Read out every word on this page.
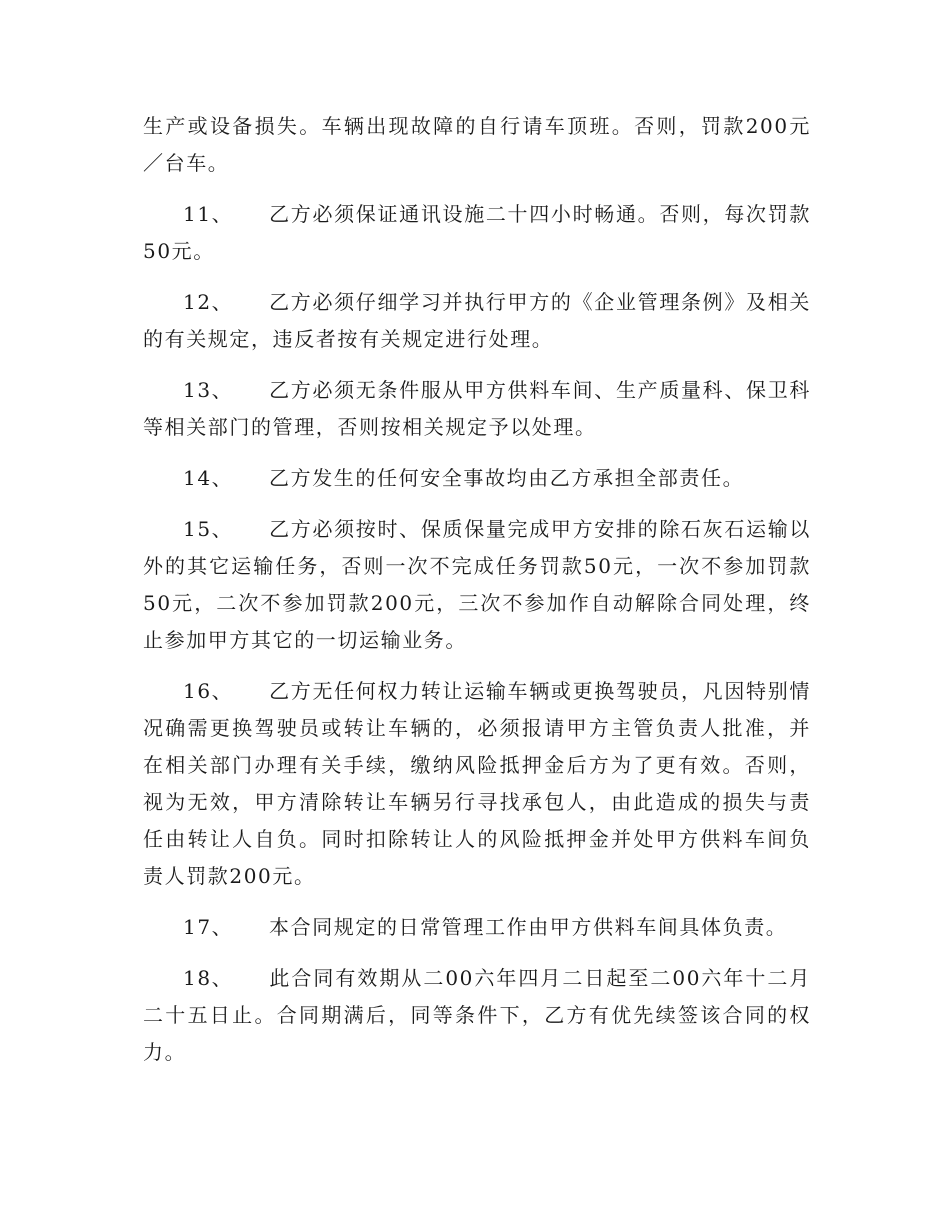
生产或设备损失。车辆出现故障的自行请车顶班。否则，罚款200元／台车。

11、 乙方必须保证通讯设施二十四小时畅通。否则，每次罚款50元。

12、 乙方必须仔细学习并执行甲方的《企业管理条例》及相关的有关规定，违反者按有关规定进行处理。

13、 乙方必须无条件服从甲方供料车间、生产质量科、保卫科等相关部门的管理，否则按相关规定予以处理。

14、 乙方发生的任何安全事故均由乙方承担全部责任。

15、 乙方必须按时、保质保量完成甲方安排的除石灰石运输以外的其它运输任务，否则一次不完成任务罚款50元，一次不参加罚款50元，二次不参加罚款200元，三次不参加作自动解除合同处理，终止参加甲方其它的一切运输业务。

16、 乙方无任何权力转让运输车辆或更换驾驶员，凡因特别情况确需更换驾驶员或转让车辆的，必须报请甲方主管负责人批准，并在相关部门办理有关手续，缴纳风险抵押金后方为了更有效。否则，视为无效，甲方清除转让车辆另行寻找承包人，由此造成的损失与责任由转让人自负。同时扣除转让人的风险抵押金并处甲方供料车间负责人罚款200元。

17、 本合同规定的日常管理工作由甲方供料车间具体负责。

18、 此合同有效期从二00六年四月二日起至二00六年十二月二十五日止。合同期满后，同等条件下，乙方有优先续签该合同的权力。
